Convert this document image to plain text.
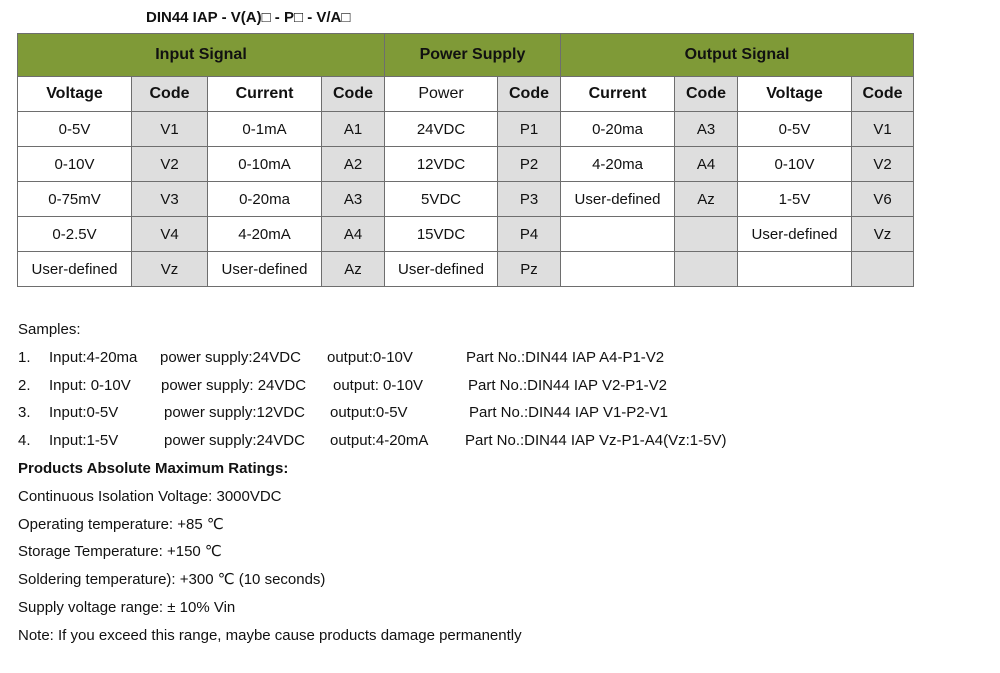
DIN44 IAP - V(A)□ - P□ - V/A□
Input Signal				Power Supply		Output Signal			
Voltage	Code	Current	Code	Power	Code	Current	Code	Voltage	Code
0-5V	V1	0-1mA	A1	24VDC	P1	0-20ma	A3	0-5V	V1
0-10V	V2	0-10mA	A2	12VDC	P2	4-20ma	A4	0-10V	V2
0-75mV	V3	0-20ma	A3	5VDC	P3	User-defined	Az	1-5V	V6
0-2.5V	V4	4-20mA	A4	15VDC	P4			User-defined	Vz
User-defined	Vz	User-defined	Az	User-defined	Pz				
Samples:
1. Input:4-20ma power supply:24VDC output:0-10V	Part No.:DIN44 IAP A4-P1-V2
2. Input: 0-10V power supply: 24VDC output: 0-10V	Part No.:DIN44 IAP V2-P1-V2
3. Input:0-5V	power supply:12VDC output:0-5V	Part No.:DIN44 IAP V1-P2-V1
4. Input:1-5V	power supply:24VDC output:4-20mA Part No.:DIN44 IAP Vz-P1-A4(Vz:1-5V)
Products Absolute Maximum Ratings:
Continuous Isolation Voltage: 3000VDC
Operating temperature: +85 ℃
Storage Temperature: +150 ℃
Soldering temperature): +300 ℃ (10 seconds)
Supply voltage range: ± 10% Vin
Note: If you exceed this range, maybe cause products damage permanently
